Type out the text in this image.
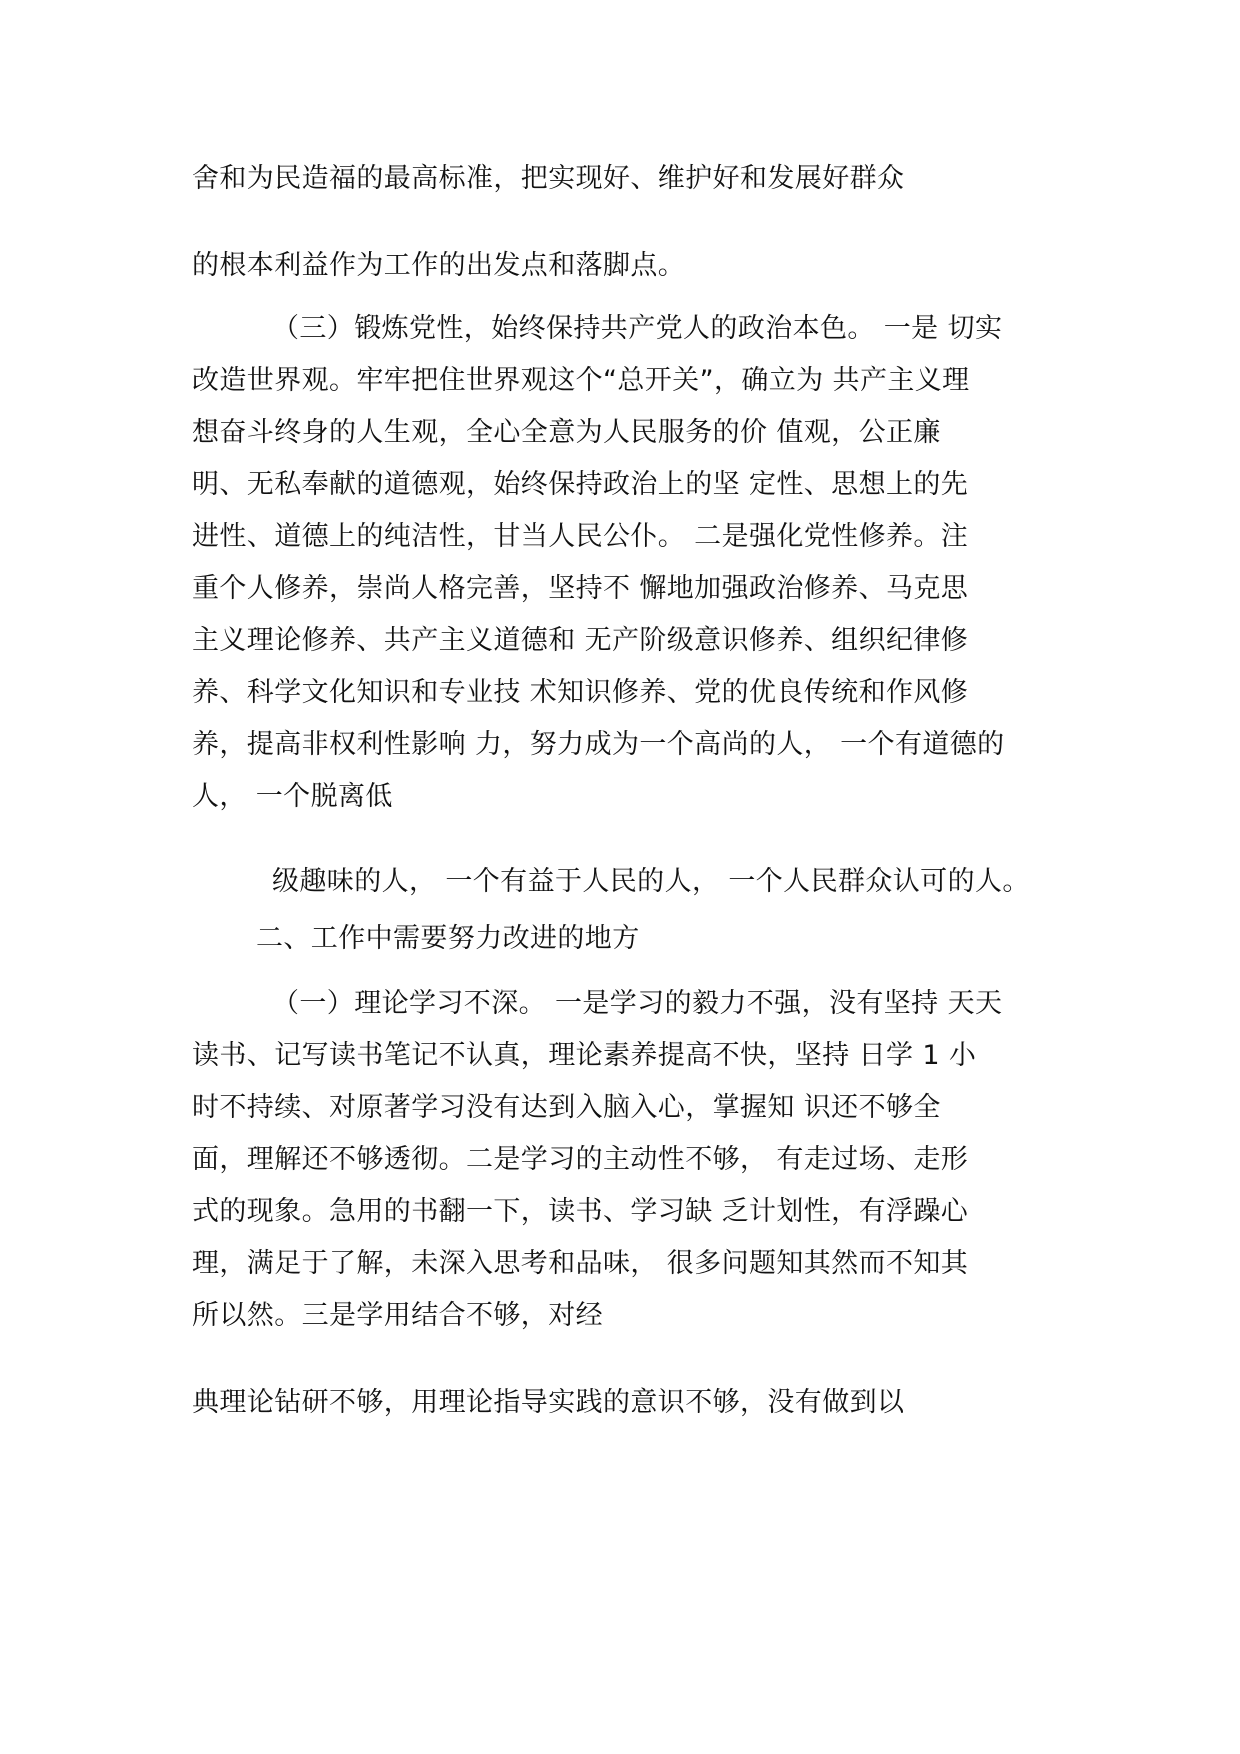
舍和为民造福的最高标准，把实现好、维护好和发展好群众
的根本利益作为工作的出发点和落脚点。
（三）锻炼党性，始终保持共产党人的政治本色。 一是 切实
改造世界观。牢牢把住世界观这个“总开关”，确立为 共产主义理
想奋斗终身的人生观，全心全意为人民服务的价 值观，公正廉
明、无私奉献的道德观，始终保持政治上的坚 定性、思想上的先
进性、道德上的纯洁性，甘当人民公仆。 二是强化党性修养。注
重个人修养，崇尚人格完善，坚持不 懈地加强政治修养、马克思
主义理论修养、共产主义道德和 无产阶级意识修养、组织纪律修
养、科学文化知识和专业技 术知识修养、党的优良传统和作风修
养，提高非权利性影响 力，努力成为一个高尚的人， 一个有道德的
人， 一个脱离低
级趣味的人， 一个有益于人民的人， 一个人民群众认可的人。
二、工作中需要努力改进的地方
（一）理论学习不深。 一是学习的毅力不强，没有坚持 天天
读书、记写读书笔记不认真，理论素养提高不快，坚持 日学 1 小
时不持续、对原著学习没有达到入脑入心，掌握知 识还不够全
面，理解还不够透彻。二是学习的主动性不够， 有走过场、走形
式的现象。急用的书翻一下，读书、学习缺 乏计划性，有浮躁心
理，满足于了解，未深入思考和品味， 很多问题知其然而不知其
所以然。三是学用结合不够，对经
典理论钻研不够，用理论指导实践的意识不够，没有做到以
